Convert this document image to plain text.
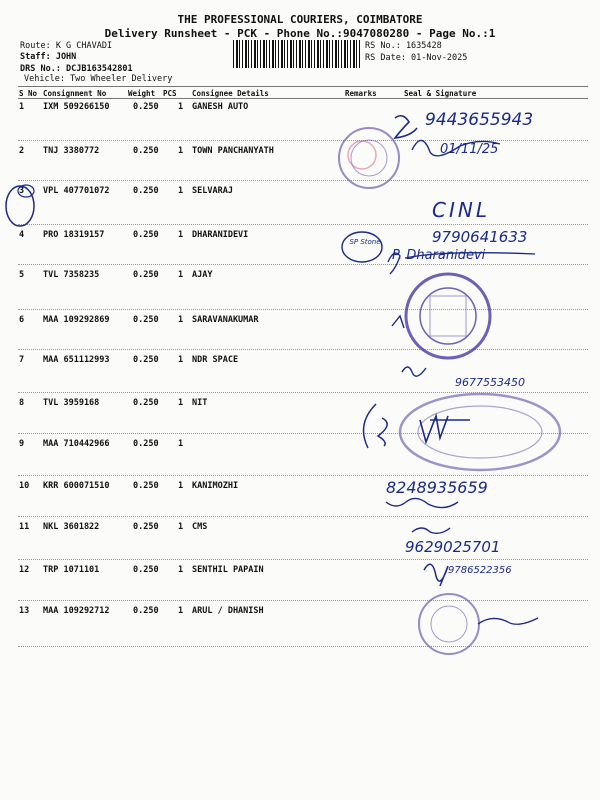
THE PROFESSIONAL COURIERS, COIMBATORE
Delivery Runsheet - PCK - Phone No.:9047080280 - Page No.:1
Route: K G CHAVADI
Staff: JOHN
DRS No.: DCJB163542801
Vehicle: Two Wheeler Delivery
RS No.: 1635428
RS Date: 01-Nov-2025
S No Consignment No	Weight PCS Consignee Details	Remarks	Seal & Signature
1 IXM 509266150	0.250 1 GANESH AUTO
2 TNJ 3380772	0.250 1 TOWN PANCHANYATH
3 VPL 407701072	0.250 1 SELVARAJ
4 PRO 18319157	0.250 1 DHARANIDEVI
5 TVL 7358235	0.250 1 AJAY
6 MAA 109292869	0.250 1 SARAVANAKUMAR
7 MAA 651112993	0.250 1 NDR SPACE
8 TVL 3959168	0.250 1 NIT
9 MAA 710442966	0.250 1
10 KRR 600071510	0.250 1 KANIMOZHI
11 NKL 3601822	0.250 1 CMS
12 TRP 1071101	0.250 1 SENTHIL PAPAIN
13 MAA 109292712	0.250 1 ARUL / DHANISH
9443655943
01/11/25
CINL
9790641633
SP Stone
P. Dharanidevi
9677553450
8248935659
9629025701
9786522356
